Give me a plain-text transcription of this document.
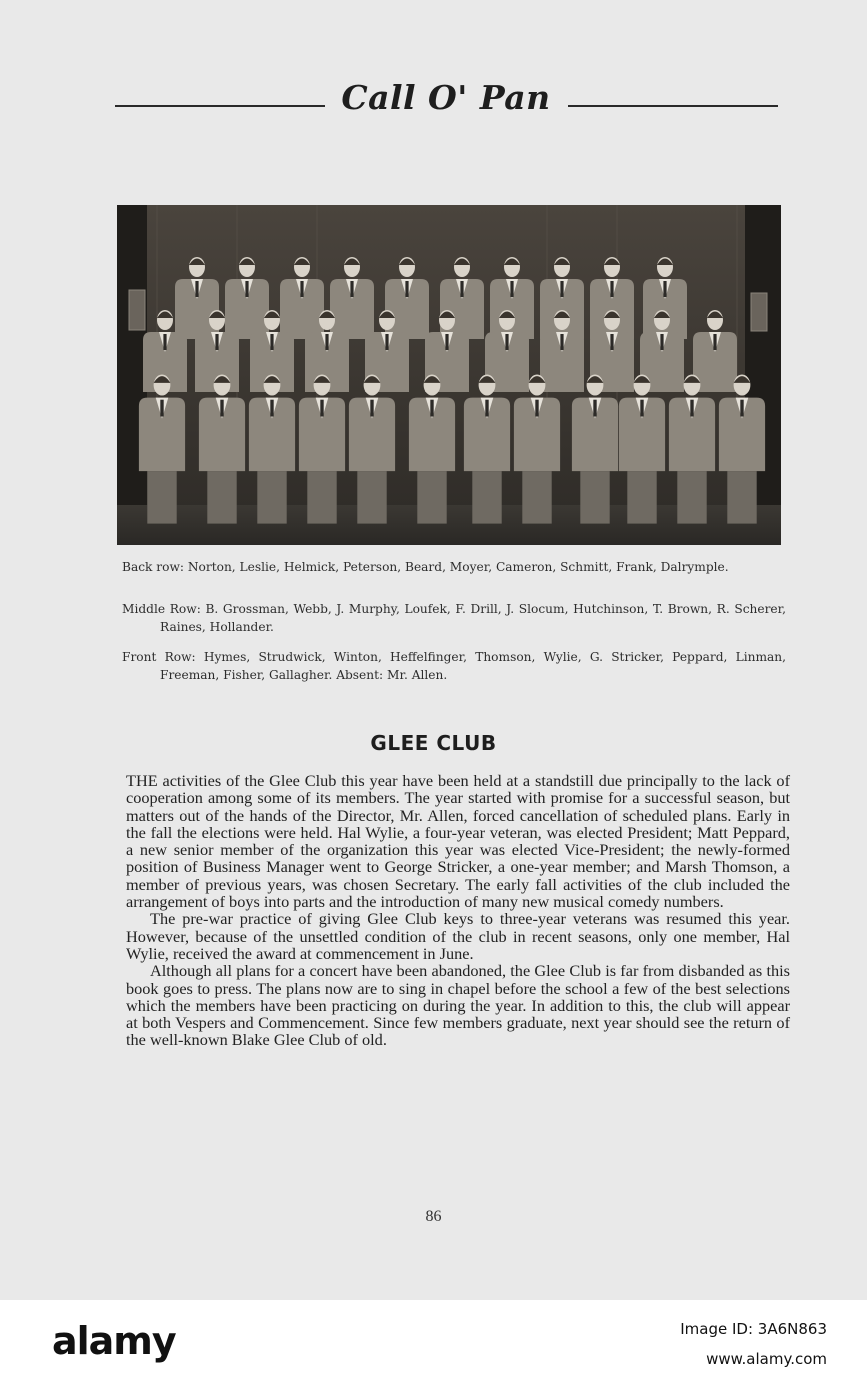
Call O' Pan
Back row: Norton, Leslie, Helmick, Peterson, Beard, Moyer, Cameron, Schmitt, Frank, Dalrymple.
Middle Row: B. Grossman, Webb, J. Murphy, Loufek, F. Drill, J. Slocum, Hutchinson, T. Brown, R. Scherer, Raines, Hollander.
Front Row: Hymes, Strudwick, Winton, Heffelfinger, Thomson, Wylie, G. Stricker, Peppard, Linman, Freeman, Fisher, Gallagher. Absent: Mr. Allen.
GLEE CLUB

THE activities of the Glee Club this year have been held at a standstill due principally to the lack of cooperation among some of its members. The year started with promise for a successful season, but matters out of the hands of the Director, Mr. Allen, forced cancellation of scheduled plans. Early in the fall the elections were held. Hal Wylie, a four-year veteran, was elected President; Matt Peppard, a new senior member of the organization this year was elected Vice-President; the newly-formed position of Business Manager went to George Stricker, a one-year member; and Marsh Thomson, a member of previous years, was chosen Secretary. The early fall activities of the club included the arrangement of boys into parts and the introduction of many new musical comedy numbers.

The pre-war practice of giving Glee Club keys to three-year veterans was resumed this year. However, because of the unsettled condition of the club in recent seasons, only one member, Hal Wylie, received the award at commencement in June.

Although all plans for a concert have been abandoned, the Glee Club is far from disbanded as this book goes to press. The plans now are to sing in chapel before the school a few of the best selections which the members have been practicing on during the year. In addition to this, the club will appear at both Vespers and Commencement. Since few members graduate, next year should see the return of the well-known Blake Glee Club of old.

86
alamy	Image ID: 3A6N863
www.alamy.com
